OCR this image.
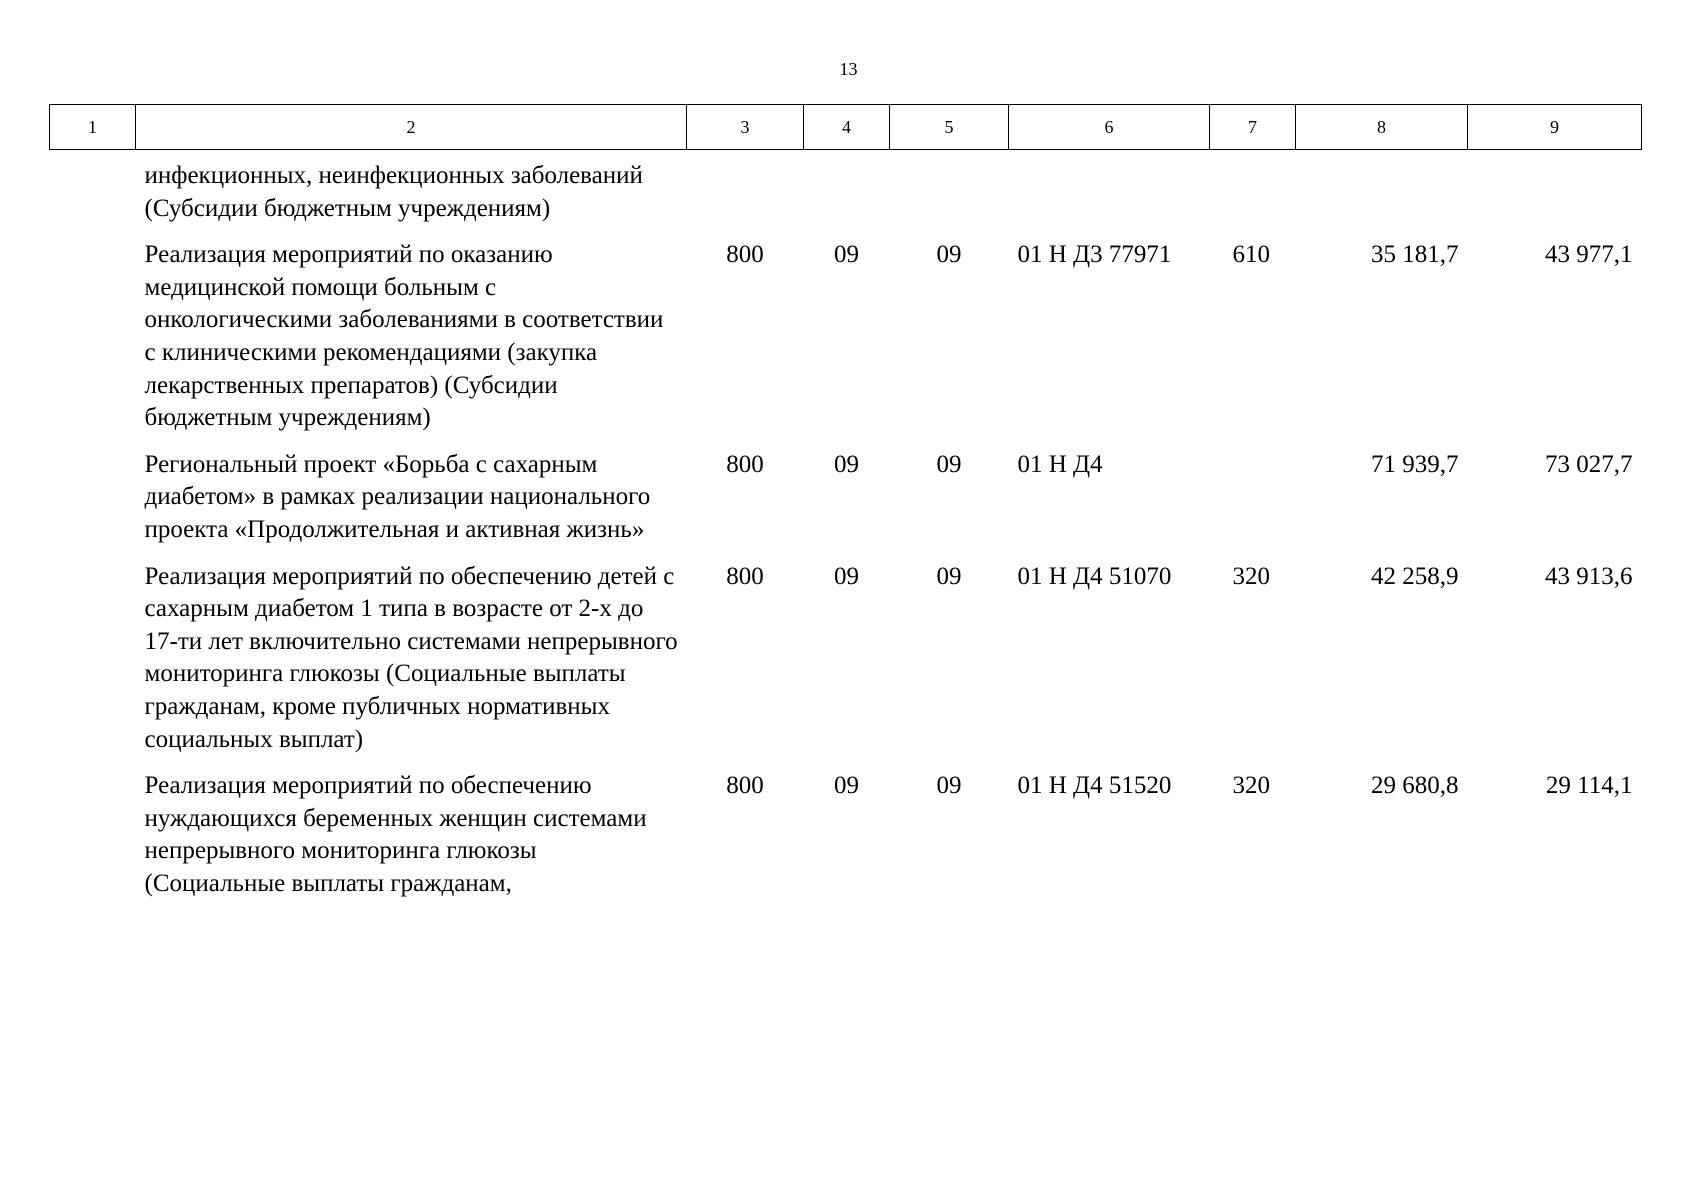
13
1	2	3	4	5	6	7	8	9
	инфекционных, неинфекционных заболеваний (Субсидии бюджетным учреждениям)							
	Реализация мероприятий по оказанию медицинской помощи больным с онкологическими заболеваниями в соответствии с клиническими рекомендациями (закупка лекарственных препаратов) (Субсидии бюджетным учреждениям)	800	09	09	01 Н Д3 77971	610	35 181,7	43 977,1
	Региональный проект «Борьба с сахарным диабетом» в рамках реализации национального проекта «Продолжительная и активная жизнь»	800	09	09	01 Н Д4		71 939,7	73 027,7
	Реализация мероприятий по обеспечению детей с сахарным диабетом 1 типа в возрасте от 2-х до 17-ти лет включительно системами непрерывного мониторинга глюкозы (Социальные выплаты гражданам, кроме публичных нормативных социальных выплат)	800	09	09	01 Н Д4 51070	320	42 258,9	43 913,6
	Реализация мероприятий по обеспечению нуждающихся беременных женщин системами непрерывного мониторинга глюкозы (Социальные выплаты гражданам,	800	09	09	01 Н Д4 51520	320	29 680,8	29 114,1
